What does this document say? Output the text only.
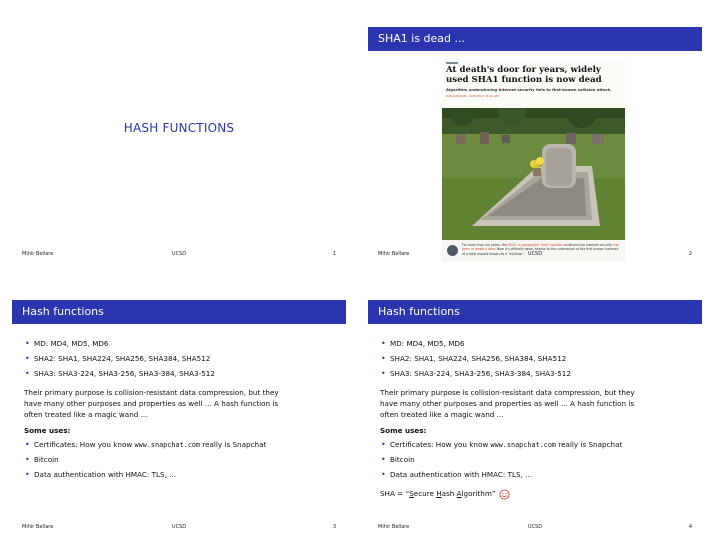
HASH FUNCTIONS
Mihir Bellare	UCSD	1
SHA1 is dead ...
At death's door for years, widely used SHA1 function is now dead
Algorithm underpinning Internet security falls to first-known collision attack.
DAN GOODIN - 2/23/2017, 8:01 AM
For more than six years, the SHA1 cryptographic hash function underpinning Internet security has been at death's door. Now it's officially dead, thanks to the submission of the first known instance of a fatal exploit known as a "collision."
Mihir Bellare	UCSD	2
Hash functions
• MD: MD4, MD5, MD6
• SHA2: SHA1, SHA224, SHA256, SHA384, SHA512
• SHA3: SHA3-224, SHA3-256, SHA3-384, SHA3-512
Their primary purpose is collision-resistant data compression, but they
have many other purposes and properties as well ... A hash function is
often treated like a magic wand ...
Some uses:
• Certificates: How you know www.snapchat.com really is Snapchat
• Bitcoin
• Data authentication with HMAC: TLS, ...
Mihir Bellare	UCSD	3
Hash functions
• MD: MD4, MD5, MD6
• SHA2: SHA1, SHA224, SHA256, SHA384, SHA512
• SHA3: SHA3-224, SHA3-256, SHA3-384, SHA3-512
Their primary purpose is collision-resistant data compression, but they
have many other purposes and properties as well ... A hash function is
often treated like a magic wand ...
Some uses:
• Certificates: How you know www.snapchat.com really is Snapchat
• Bitcoin
• Data authentication with HMAC: TLS, ...
SHA = “Secure Hash Algorithm”
Mihir Bellare	UCSD	4
